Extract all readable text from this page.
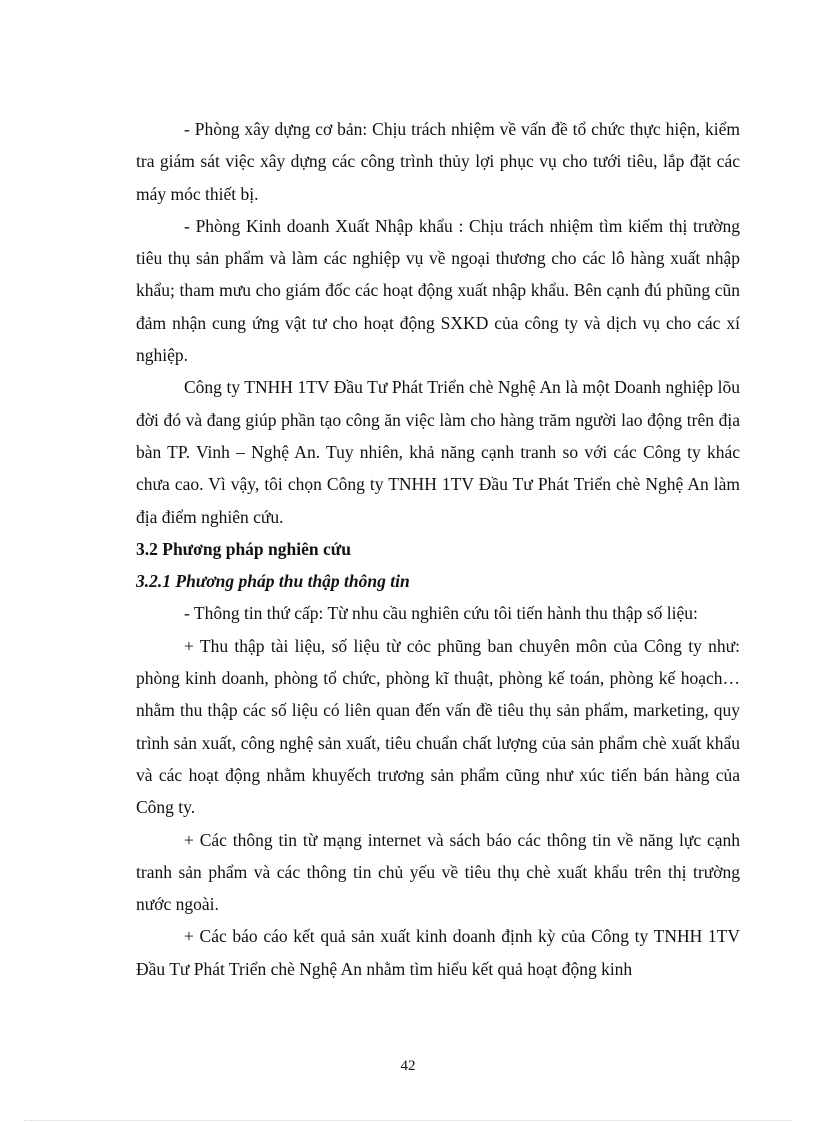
- Phòng xây dựng cơ bản: Chịu trách nhiệm về vấn đề tổ chức thực hiện, kiểm tra giám sát việc xây dựng các công trình thủy lợi phục vụ cho tưới tiêu, lắp đặt các máy móc thiết bị.

- Phòng Kinh doanh Xuất Nhập khẩu : Chịu trách nhiệm tìm kiếm thị trường tiêu thụ sản phẩm và làm các nghiệp vụ về ngoại thương cho các lô hàng xuất nhập khẩu; tham mưu cho giám đốc các hoạt động xuất nhập khẩu. Bên cạnh đú phũng cũn đảm nhận cung ứng vật tư cho hoạt động SXKD của công ty và dịch vụ cho các xí nghiệp.

Công ty TNHH 1TV Đầu Tư Phát Triển chè Nghệ An là một Doanh nghiệp lõu đời đó và đang giúp phần tạo công ăn việc làm cho hàng trăm người lao động trên địa bàn TP. Vinh – Nghệ An. Tuy nhiên, khả năng cạnh tranh so với các Công ty khác chưa cao. Vì vậy, tôi chọn Công ty TNHH 1TV Đầu Tư Phát Triển chè Nghệ An làm địa điểm nghiên cứu.

3.2 Phương pháp nghiên cứu

3.2.1 Phương pháp thu thập thông tin

- Thông tin thứ cấp: Từ nhu cầu nghiên cứu tôi tiến hành thu thập số liệu:

+ Thu thập tài liệu, số liệu từ cỏc phũng ban chuyên môn của Công ty như: phòng kinh doanh, phòng tổ chức, phòng kĩ thuật, phòng kế toán, phòng kế hoạch… nhằm thu thập các số liệu có liên quan đến vấn đề tiêu thụ sản phẩm, marketing, quy trình sản xuất, công nghệ sản xuất, tiêu chuẩn chất lượng của sản phẩm chè xuất khẩu và các hoạt động nhằm khuyếch trương sản phẩm cũng như xúc tiến bán hàng của Công ty.

+ Các thông tin từ mạng internet và sách báo các thông tin về năng lực cạnh tranh sản phẩm và các thông tin chủ yếu về tiêu thụ chè xuất khẩu trên thị trường nước ngoài.

+ Các báo cáo kết quả sản xuất kinh doanh định kỳ của Công ty TNHH 1TV Đầu Tư Phát Triển chè Nghệ An nhằm tìm hiểu kết quả hoạt động kinh

42
